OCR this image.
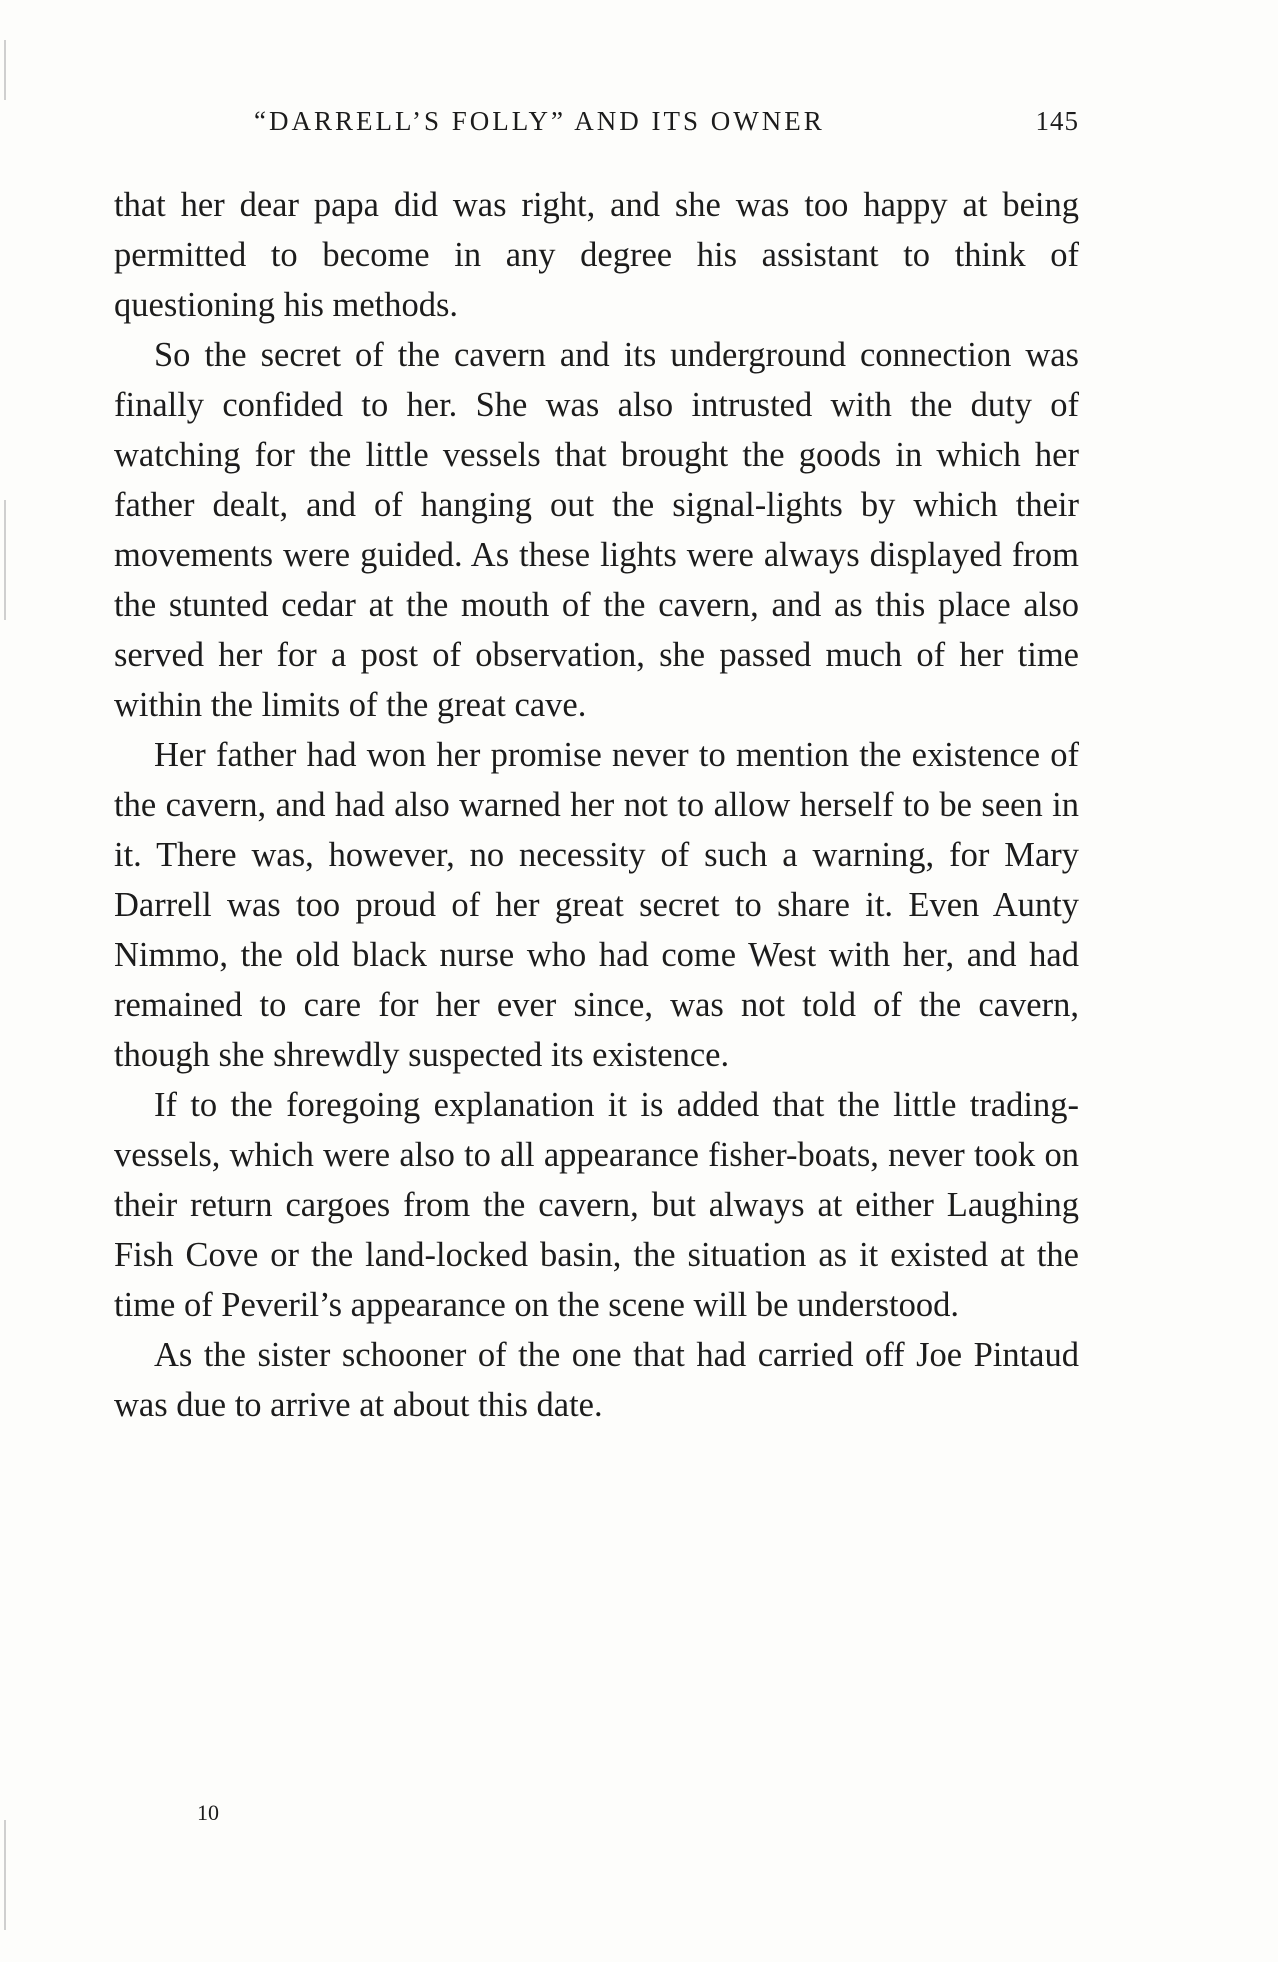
“DARRELL’S FOLLY” AND ITS OWNER	145

that her dear papa did was right, and she was too happy at being permitted to become in any degree his assistant to think of questioning his methods.

So the secret of the cavern and its underground connection was finally confided to her. She was also intrusted with the duty of watching for the little vessels that brought the goods in which her father dealt, and of hanging out the signal-lights by which their movements were guided. As these lights were always displayed from the stunted cedar at the mouth of the cavern, and as this place also served her for a post of observation, she passed much of her time within the limits of the great cave.

Her father had won her promise never to mention the existence of the cavern, and had also warned her not to allow herself to be seen in it. There was, however, no necessity of such a warning, for Mary Darrell was too proud of her great secret to share it. Even Aunty Nimmo, the old black nurse who had come West with her, and had remained to care for her ever since, was not told of the cavern, though she shrewdly suspected its existence.

If to the foregoing explanation it is added that the little trading-vessels, which were also to all appearance fisher-boats, never took on their return cargoes from the cavern, but always at either Laughing Fish Cove or the land-locked basin, the situation as it existed at the time of Peveril’s appearance on the scene will be understood.

As the sister schooner of the one that had carried off Joe Pintaud was due to arrive at about this date.

10
